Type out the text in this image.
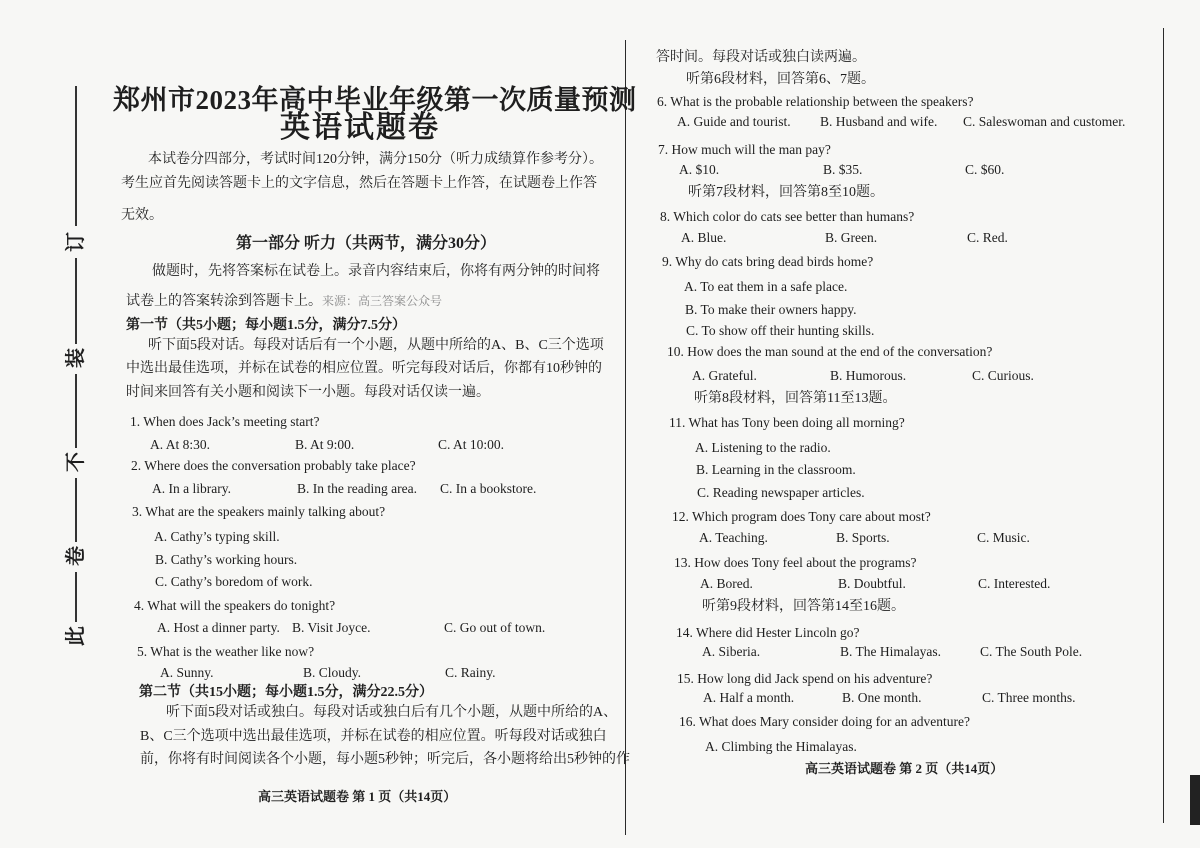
订
装
不
卷
此
郑州市2023年高中毕业年级第一次质量预测
英语试题卷
本试卷分四部分，考试时间120分钟，满分150分（听力成绩算作参考分）。
考生应首先阅读答题卡上的文字信息，然后在答题卡上作答，在试题卷上作答
无效。
第一部分 听力（共两节，满分30分）
做题时，先将答案标在试卷上。录音内容结束后，你将有两分钟的时间将
试卷上的答案转涂到答题卡上。来源：高三答案公众号
第一节（共5小题；每小题1.5分，满分7.5分）
听下面5段对话。每段对话后有一个小题，从题中所给的A、B、C三个选项
中选出最佳选项，并标在试卷的相应位置。听完每段对话后，你都有10秒钟的
时间来回答有关小题和阅读下一小题。每段对话仅读一遍。
1. When does Jack’s meeting start?
A. At 8:30.	B. At 9:00.	C. At 10:00.
2. Where does the conversation probably take place?
A. In a library.	B. In the reading area. C. In a bookstore.
3. What are the speakers mainly talking about?
A. Cathy’s typing skill.
B. Cathy’s working hours.
C. Cathy’s boredom of work.
4. What will the speakers do tonight?
A. Host a dinner party. B. Visit Joyce.	C. Go out of town.
5. What is the weather like now?
A. Sunny.	B. Cloudy.	C. Rainy.
第二节（共15小题；每小题1.5分，满分22.5分）
听下面5段对话或独白。每段对话或独白后有几个小题，从题中所给的A、
B、C三个选项中选出最佳选项，并标在试卷的相应位置。听每段对话或独白
前，你将有时间阅读各个小题，每小题5秒钟；听完后，各小题将给出5秒钟的作
高三英语试题卷 第 1 页（共14页）
答时间。每段对话或独白读两遍。
听第6段材料，回答第6、7题。
6. What is the probable relationship between the speakers?
A. Guide and tourist. B. Husband and wife. C. Saleswoman and customer.
7. How much will the man pay?
A. $10.	B. $35.	C. $60.
听第7段材料，回答第8至10题。
8. Which color do cats see better than humans?
A. Blue.	B. Green.	C. Red.
9. Why do cats bring dead birds home?
A. To eat them in a safe place.
B. To make their owners happy.
C. To show off their hunting skills.
10. How does the man sound at the end of the conversation?
A. Grateful.	B. Humorous.	C. Curious.
听第8段材料，回答第11至13题。
11. What has Tony been doing all morning?
A. Listening to the radio.
B. Learning in the classroom.
C. Reading newspaper articles.
12. Which program does Tony care about most?
A. Teaching.	B. Sports.	C. Music.
13. How does Tony feel about the programs?
A. Bored.	B. Doubtful.	C. Interested.
听第9段材料，回答第14至16题。
14. Where did Hester Lincoln go?
A. Siberia.	B. The Himalayas.	C. The South Pole.
15. How long did Jack spend on his adventure?
A. Half a month.	B. One month.	C. Three months.
16. What does Mary consider doing for an adventure?
A. Climbing the Himalayas.
高三英语试题卷 第 2 页（共14页）
